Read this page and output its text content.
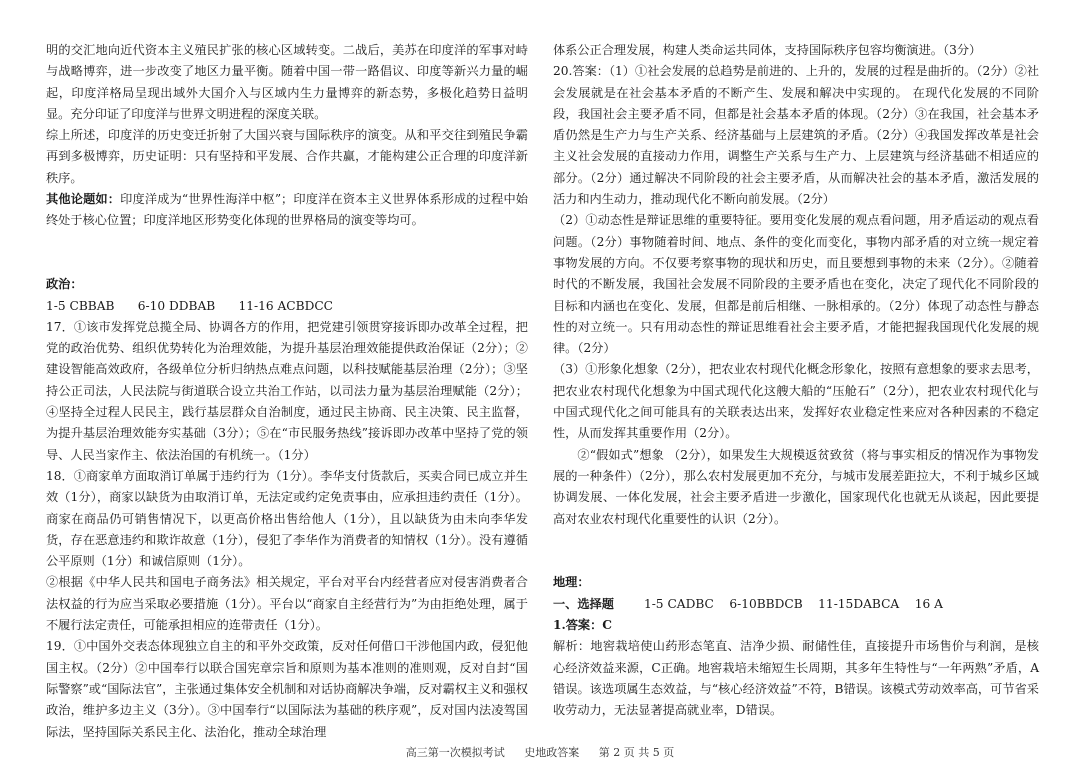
明的交汇地向近代资本主义殖民扩张的核心区域转变。二战后，美苏在印度洋的军事对峙与战略博弈，进一步改变了地区力量平衡。随着中国一带一路倡议、印度等新兴力量的崛起，印度洋格局呈现出域外大国介入与区域内生力量博弈的新态势，多极化趋势日益明显。充分印证了印度洋与世界文明进程的深度关联。

综上所述，印度洋的历史变迁折射了大国兴衰与国际秩序的演变。从和平交往到殖民争霸再到多极博弈，历史证明：只有坚持和平发展、合作共赢，才能构建公正合理的印度洋新秩序。

其他论题如：印度洋成为“世界性海洋中枢”；印度洋在资本主义世界体系形成的过程中始终处于核心位置；印度洋地区形势变化体现的世界格局的演变等均可。

政治：

1-5 CBBAB      6-10 DDBAB      11-16 ACBDCC

17．①该市发挥党总揽全局、协调各方的作用，把党建引领贯穿接诉即办改革全过程，把党的政治优势、组织优势转化为治理效能，为提升基层治理效能提供政治保证（2分）；②建设智能高效政府，各级单位分析归纳热点难点问题，以科技赋能基层治理（2分）；③坚持公正司法，人民法院与街道联合设立共治工作站，以司法力量为基层治理赋能（2分）；④坚持全过程人民民主，践行基层群众自治制度，通过民主协商、民主决策、民主监督，为提升基层治理效能夯实基础（3分）；⑤在“市民服务热线”接诉即办改革中坚持了党的领导、人民当家作主、依法治国的有机统一。（1分）

18．①商家单方面取消订单属于违约行为（1分）。李华支付货款后，买卖合同已成立并生效（1分），商家以缺货为由取消订单，无法定或约定免责事由，应承担违约责任（1分）。商家在商品仍可销售情况下，以更高价格出售给他人（1分），且以缺货为由未向李华发货，存在恶意违约和欺诈故意（1分），侵犯了李华作为消费者的知情权（1分）。没有遵循公平原则（1分）和诚信原则（1分）。

②根据《中华人民共和国电子商务法》相关规定，平台对平台内经营者应对侵害消费者合法权益的行为应当采取必要措施（1分）。平台以“商家自主经营行为”为由拒绝处理，属于不履行法定责任，可能承担相应的连带责任（1分）。

19．①中国外交表态体现独立自主的和平外交政策，反对任何借口干涉他国内政，侵犯他国主权。（2分）②中国奉行以联合国宪章宗旨和原则为基本准则的准则观，反对自封“国际警察”或“国际法官”，主张通过集体安全机制和对话协商解决争端，反对霸权主义和强权政治，维护多边主义（3分）。③中国奉行“以国际法为基础的秩序观”，反对国内法凌驾国际法，坚持国际关系民主化、法治化，推动全球治理

体系公正合理发展，构建人类命运共同体，支持国际秩序包容均衡演进。（3分）

20.答案：（1）①社会发展的总趋势是前进的、上升的，发展的过程是曲折的。（2分）②社会发展就是在社会基本矛盾的不断产生、发展和解决中实现的。 在现代化发展的不同阶段，我国社会主要矛盾不同，但都是社会基本矛盾的体现。（2分）③在我国，社会基本矛盾仍然是生产力与生产关系、经济基础与上层建筑的矛盾。（2分）④我国发挥改革是社会主义社会发展的直接动力作用，调整生产关系与生产力、上层建筑与经济基础不相适应的部分。（2分）通过解决不同阶段的社会主要矛盾，从而解决社会的基本矛盾，激活发展的活力和内生动力，推动现代化不断向前发展。（2分）

（2）①动态性是辩证思维的重要特征。要用变化发展的观点看问题，用矛盾运动的观点看问题。（2分）事物随着时间、地点、条件的变化而变化，事物内部矛盾的对立统一规定着事物发展的方向。不仅要考察事物的现状和历史，而且要想到事物的未来（2分）。②随着时代的不断发展，我国社会发展不同阶段的主要矛盾也在变化，决定了现代化不同阶段的目标和内涵也在变化、发展，但都是前后相继、一脉相承的。（2分）体现了动态性与静态性的对立统一。只有用动态性的辩证思维看社会主要矛盾，才能把握我国现代化发展的规律。（2分）

（3）①形象化想象（2分），把农业农村现代化概念形象化，按照有意想象的要求去思考，把农业农村现代化想象为中国式现代化这艘大船的“压舱石”（2分），把农业农村现代化与中国式现代化之间可能具有的关联表达出来，发挥好农业稳定性来应对各种因素的不稳定性，从而发挥其重要作用（2分）。

②“假如式”想象 （2分），如果发生大规模返贫致贫（将与事实相反的情况作为事物发展的一种条件）（2分），那么农村发展更加不充分，与城市发展差距拉大，不利于城乡区域协调发展、一体化发展，社会主要矛盾进一步激化，国家现代化也就无从谈起，因此要提高对农业农村现代化重要性的认识（2分）。

地理：

一、选择题 1-5 CADBC    6-10BBDCB    11-15DABCA    16 A

1.答案：C

解析：地窖栽培使山药形态笔直、洁净少损、耐储性佳，直接提升市场售价与利润，是核心经济效益来源，C正确。地窖栽培未缩短生长周期，其多年生特性与“一年两熟”矛盾，A错误。该选项属生态效益，与“核心经济效益”不符，B错误。该模式劳动效率高，可节省采收劳动力，无法显著提高就业率，D错误。

高三第一次模拟考试 史地政答案 第 2 页 共 5 页
